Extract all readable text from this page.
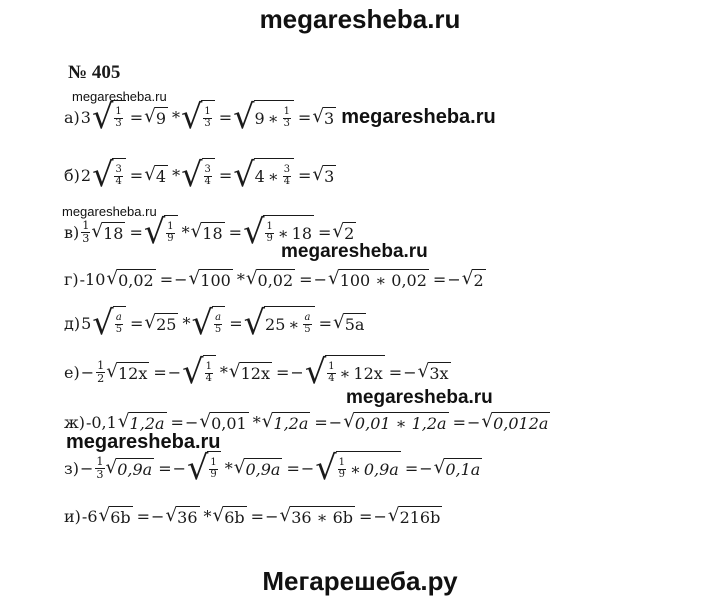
megaresheba.ru
№ 405
megaresheba.ru
а) 3 √ 1
3 = √ 9 * √ 1
3 = √ 9 ∗ 1
3 = √ 3 megaresheba.ru
б) 2 √ 3
4 = √ 4 * √ 3
4 = √ 4 ∗ 3
4 = √ 3
megaresheba.ru
в) 1
3 √ 18 = √ 1
9 * √ 18 = √ 1
9 ∗ 18 = √ 2
megaresheba.ru
г) -10 √ 0,02 = − √ 100 * √ 0,02 = − √ 100 ∗ 0,02 = − √ 2
д) 5 √ a
5 = √ 25 * √ a
5 = √ 25 ∗ a
5 = √ 5a
$е) - \frac{1}{2}$ √ 12x = − √ 1
4 * √ 12x = − √ 1
4 ∗ 12x = − √ 3x
megaresheba.ru
ж) -0,1 √ 1,2a = − √ 0,01 * √ 1,2a = − √ 0,01 ∗ 1,2a = − √ 0,012a
megaresheba.ru
$з) - \frac{1}{3}$ √ 0,9a = − √ 1
9 * √ 0,9a = − √ 1
9 ∗ 0,9a = − √ 0,1a
и) -6 √ 6b = − √ 36 * √ 6b = − √ 36 ∗ 6b = − √ 216b
Мегарешеба.ру
